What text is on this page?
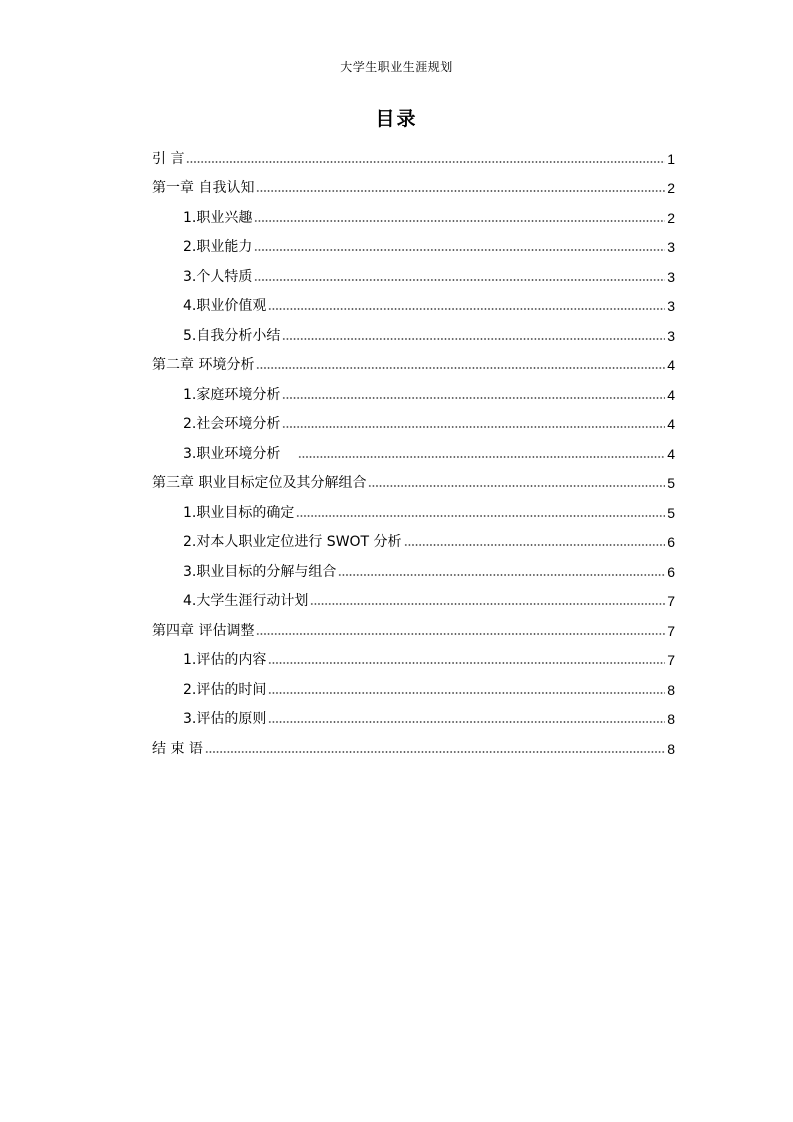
大学生职业生涯规划
目录
引 言	1
第一章 自我认知	2
1.职业兴趣	2
2.职业能力	3
3.个人特质	3
4.职业价值观	3
5.自我分析小结	3
第二章 环境分析	4
1.家庭环境分析	4
2.社会环境分析	4
3.职业环境分析	4
第三章 职业目标定位及其分解组合	5
1.职业目标的确定	5
2.对本人职业定位进行 SWOT 分析	6
3.职业目标的分解与组合	6
4.大学生涯行动计划	7
第四章 评估调整	7
1.评估的内容	7
2.评估的时间	8
3.评估的原则	8
结 束 语	8
